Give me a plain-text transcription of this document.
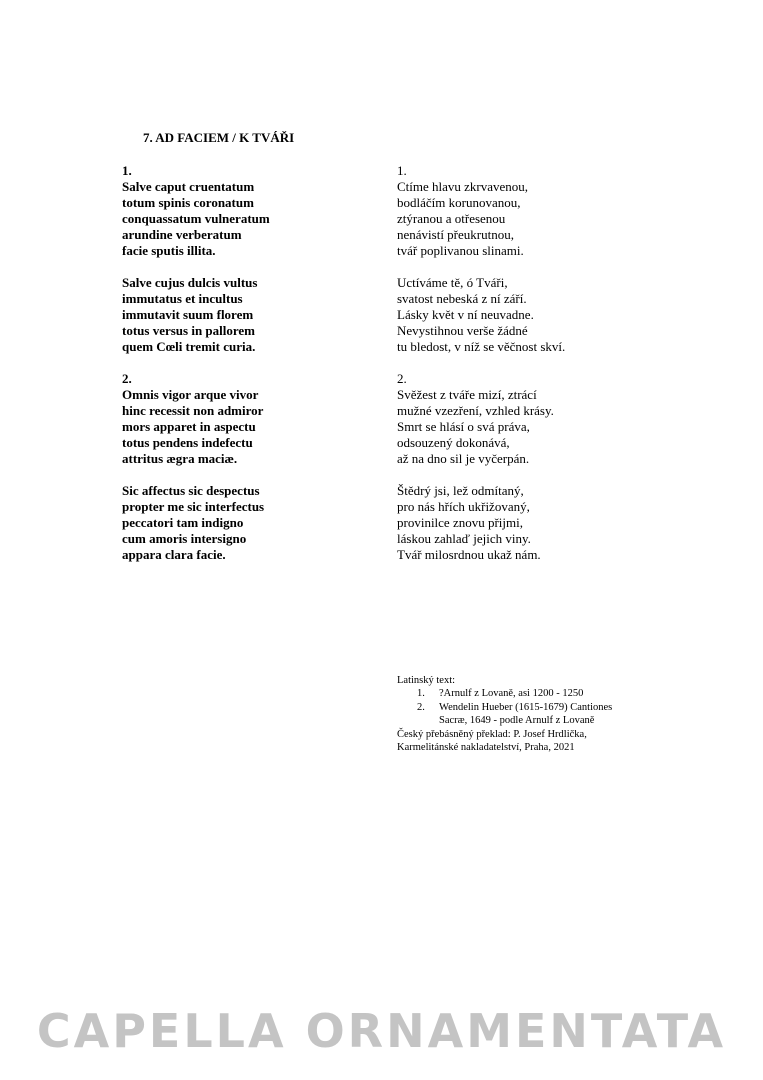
7. AD FACIEM / K TVÁŘI
1.
Salve caput cruentatum
totum spinis coronatum
conquassatum vulneratum
arundine verberatum
facie sputis illita.
Salve cujus dulcis vultus
immutatus et incultus
immutavit suum florem
totus versus in pallorem
quem Cœli tremit curia.
2.
Omnis vigor arque vivor
hinc recessit non admiror
mors apparet in aspectu
totus pendens indefectu
attritus ægra maciæ.
Sic affectus sic despectus
propter me sic interfectus
peccatori tam indigno
cum amoris intersigno
appara clara facie.
1.
Ctíme hlavu zkrvavenou,
bodláčím korunovanou,
ztýranou a otřesenou
nenávistí přeukrutnou,
tvář poplivanou slinami.
Uctíváme tě, ó Tváři,
svatost nebeská z ní září.
Lásky květ v ní neuvadne.
Nevystihnou verše žádné
tu bledost, v níž se věčnost skví.
2.
Svěžest z tváře mizí, ztrácí
mužné vzezření, vzhled krásy.
Smrt se hlásí o svá práva,
odsouzený dokonává,
až na dno sil je vyčerpán.
Štědrý jsi, lež odmítaný,
pro nás hřích ukřižovaný,
provinilce znovu přijmi,
láskou zahlaď jejich viny.
Tvář milosrdnou ukaž nám.
Latinský text:
1.	?Arnulf z Lovaně, asi 1200 - 1250
2.	Wendelin Hueber (1615-1679) Cantiones
Sacræ, 1649 - podle Arnulf z Lovaně
Český přebásněný překlad: P. Josef Hrdlička,
Karmelitánské nakladatelství, Praha, 2021
CAPELLA ORNAMENTATA
